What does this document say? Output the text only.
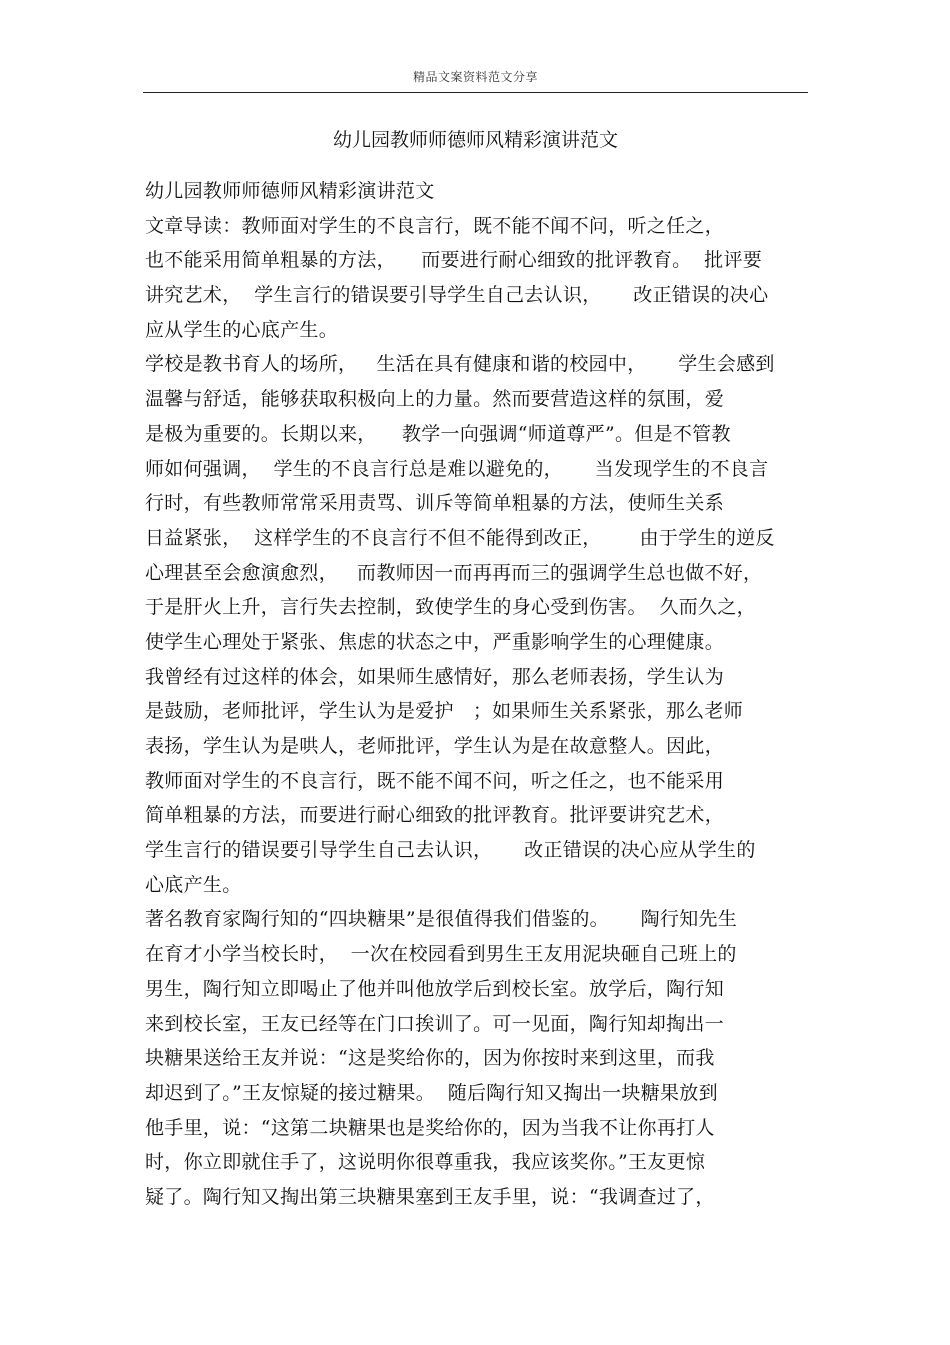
精品文案资料范文分享
幼儿园教师师德师风精彩演讲范文
幼儿园教师师德师风精彩演讲范文
文章导读：教师面对学生的不良言行，既不能不闻不问，听之任之，
也不能采用简单粗暴的方法，    而要进行耐心细致的批评教育。  批评要
讲究艺术，  学生言行的错误要引导学生自己去认识，     改正错误的决心
应从学生的心底产生。
学校是教书育人的场所，   生活在具有健康和谐的校园中，     学生会感到
温馨与舒适，能够获取积极向上的力量。然而要营造这样的氛围，爱
是极为重要的。长期以来，    教学一向强调“师道尊严”。但是不管教
师如何强调，  学生的不良言行总是难以避免的，     当发现学生的不良言
行时，有些教师常常采用责骂、训斥等简单粗暴的方法，使师生关系
日益紧张，  这样学生的不良言行不但不能得到改正，      由于学生的逆反
心理甚至会愈演愈烈，   而教师因一而再再而三的强调学生总也做不好，
于是肝火上升，言行失去控制，致使学生的身心受到伤害。  久而久之，
使学生心理处于紧张、焦虑的状态之中，严重影响学生的心理健康。
我曾经有过这样的体会，如果师生感情好，那么老师表扬，学生认为
是鼓励，老师批评，学生认为是爱护   ；如果师生关系紧张，那么老师
表扬，学生认为是哄人，老师批评，学生认为是在故意整人。因此，
教师面对学生的不良言行，既不能不闻不问，听之任之，也不能采用
简单粗暴的方法，而要进行耐心细致的批评教育。批评要讲究艺术，
学生言行的错误要引导学生自己去认识，     改正错误的决心应从学生的
心底产生。
著名教育家陶行知的“四块糖果”是很值得我们借鉴的。     陶行知先生
在育才小学当校长时，  一次在校园看到男生王友用泥块砸自己班上的
男生，陶行知立即喝止了他并叫他放学后到校长室。放学后，陶行知
来到校长室，王友已经等在门口挨训了。可一见面，陶行知却掏出一
块糖果送给王友并说：“这是奖给你的，因为你按时来到这里，而我
却迟到了。”王友惊疑的接过糖果。  随后陶行知又掏出一块糖果放到
他手里，说：“这第二块糖果也是奖给你的，因为当我不让你再打人
时，你立即就住手了，这说明你很尊重我，我应该奖你。”王友更惊
疑了。陶行知又掏出第三块糖果塞到王友手里，说：“我调查过了，
